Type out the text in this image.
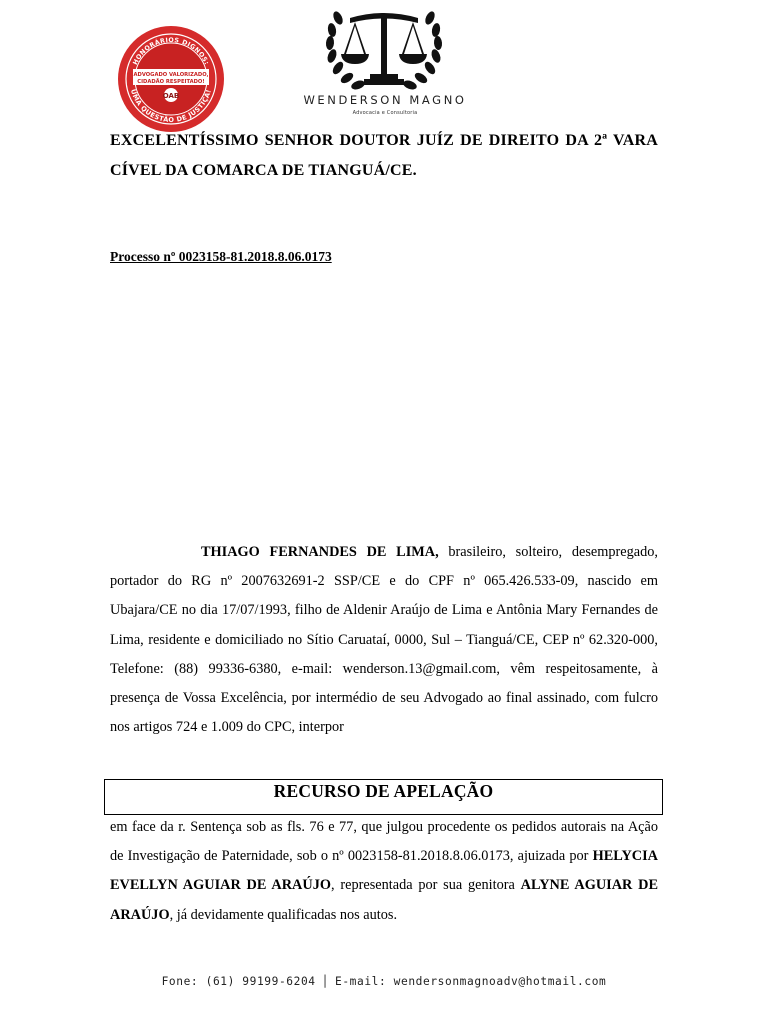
HONORÁRIOS DIGNOS:
UMA QUESTÃO DE JUSTIÇA!
ADVOGADO VALORIZADO,
CIDADÃO RESPEITADO!
OAB	WENDERSON MAGNO
Advocacia e Consultoria
EXCELENTÍSSIMO SENHOR DOUTOR JUÍZ DE DIREITO DA 2ª VARA CÍVEL DA COMARCA DE TIANGUÁ/CE.
Processo nº 0023158-81.2018.8.06.0173
THIAGO FERNANDES DE LIMA, brasileiro, solteiro, desempregado, portador do RG nº 2007632691-2 SSP/CE e do CPF nº 065.426.533-09, nascido em Ubajara/CE no dia 17/07/1993, filho de Aldenir Araújo de Lima e Antônia Mary Fernandes de Lima, residente e domiciliado no Sítio Caruataí, 0000, Sul – Tianguá/CE, CEP nº 62.320-000, Telefone: (88) 99336-6380, e-mail: wenderson.13@gmail.com, vêm respeitosamente, à presença de Vossa Excelência, por intermédio de seu Advogado ao final assinado, com fulcro nos artigos 724 e 1.009 do CPC, interpor
RECURSO DE APELAÇÃO
em face da r. Sentença sob as fls. 76 e 77, que julgou procedente os pedidos autorais na Ação de Investigação de Paternidade, sob o nº 0023158-81.2018.8.06.0173, ajuizada por HELYCIA EVELLYN AGUIAR DE ARAÚJO, representada por sua genitora ALYNE AGUIAR DE ARAÚJO, já devidamente qualificadas nos autos.
Fone: (61) 99199-6204 │ E-mail: wendersonmagnoadv@hotmail.com
